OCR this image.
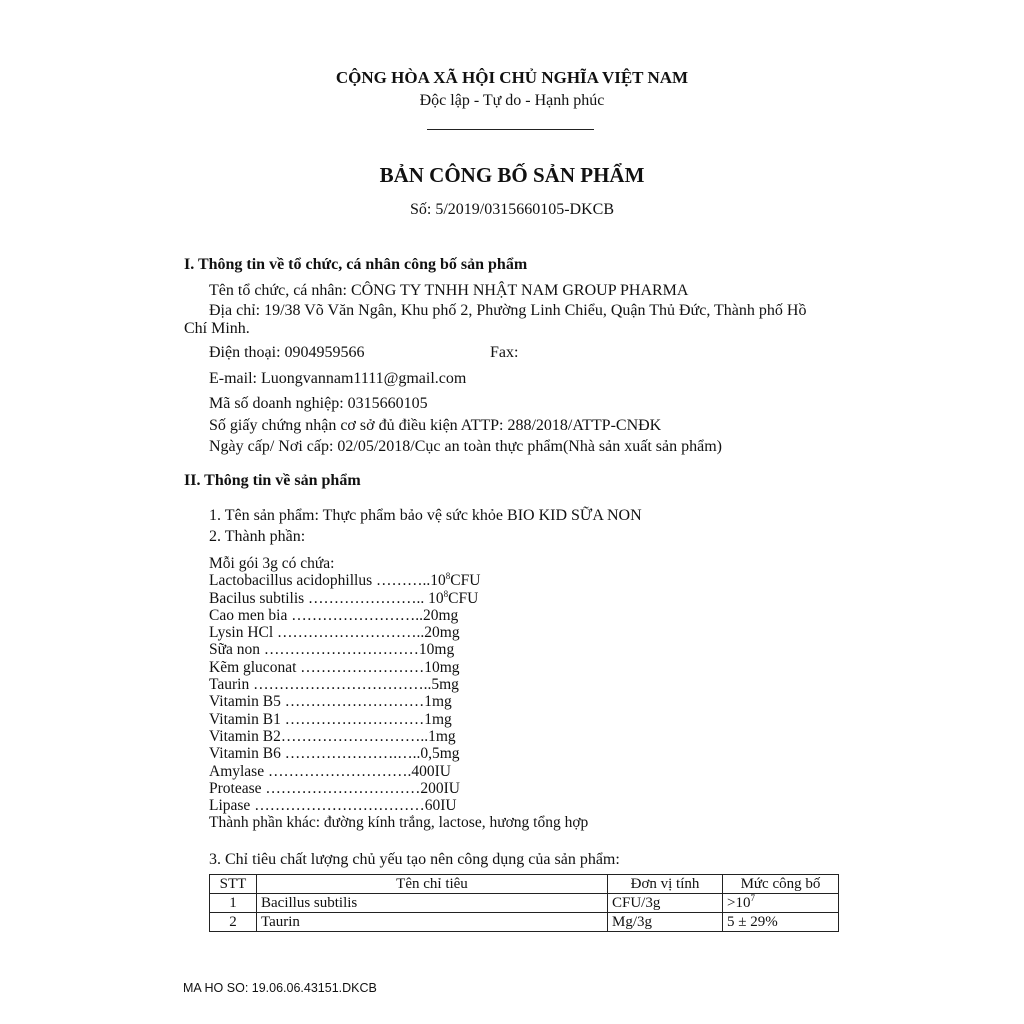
CỘNG HÒA XÃ HỘI CHỦ NGHĨA VIỆT NAM
Độc lập - Tự do - Hạnh phúc
BẢN CÔNG BỐ SẢN PHẨM
Số: 5/2019/0315660105-DKCB
I. Thông tin về tổ chức, cá nhân công bố sản phẩm
Tên tổ chức, cá nhân: CÔNG TY TNHH NHẬT NAM GROUP PHARMA
Địa chỉ: 19/38 Võ Văn Ngân, Khu phố 2, Phường Linh Chiểu, Quận Thủ Đức, Thành phố Hồ
Chí Minh.
Điện thoại: 0904959566	Fax:
E-mail: Luongvannam1111@gmail.com
Mã số doanh nghiệp: 0315660105
Số giấy chứng nhận cơ sở đủ điều kiện ATTP: 288/2018/ATTP-CNĐK
Ngày cấp/ Nơi cấp: 02/05/2018/Cục an toàn thực phẩm(Nhà sản xuất sản phẩm)
II. Thông tin về sản phẩm
1. Tên sản phẩm: Thực phẩm bảo vệ sức khỏe BIO KID SỮA NON
2. Thành phần:
Mỗi gói 3g có chứa:
Lactobacillus acidophillus ………..10$^8$CFU
Bacilus subtilis ………………….. $10^8CFU$
Cao men bia ……………………..20mg
Lysin HCl ………………………..20mg
Sữa non …………………………10mg
Kẽm gluconat ……………………10mg
Taurin ……………………………..5mg
Vitamin B5 ………………………1mg
Vitamin B1 ………………………1mg
Vitamin B2………………………..1mg
Vitamin B6 ………………….…..0,5mg
Amylase ……………………….400IU
Protease …………………………200IU
Lipase ……………………………60IU
Thành phần khác: đường kính trắng, lactose, hương tổng hợp
3. Chỉ tiêu chất lượng chủ yếu tạo nên công dụng của sản phẩm:
STT	Tên chỉ tiêu	Đơn vị tính	Mức công bố
1	Bacillus subtilis	CFU/3g	$>10^7$
2	Taurin	Mg/3g	5 ± 29%
MA HO SO: 19.06.06.43151.DKCB
